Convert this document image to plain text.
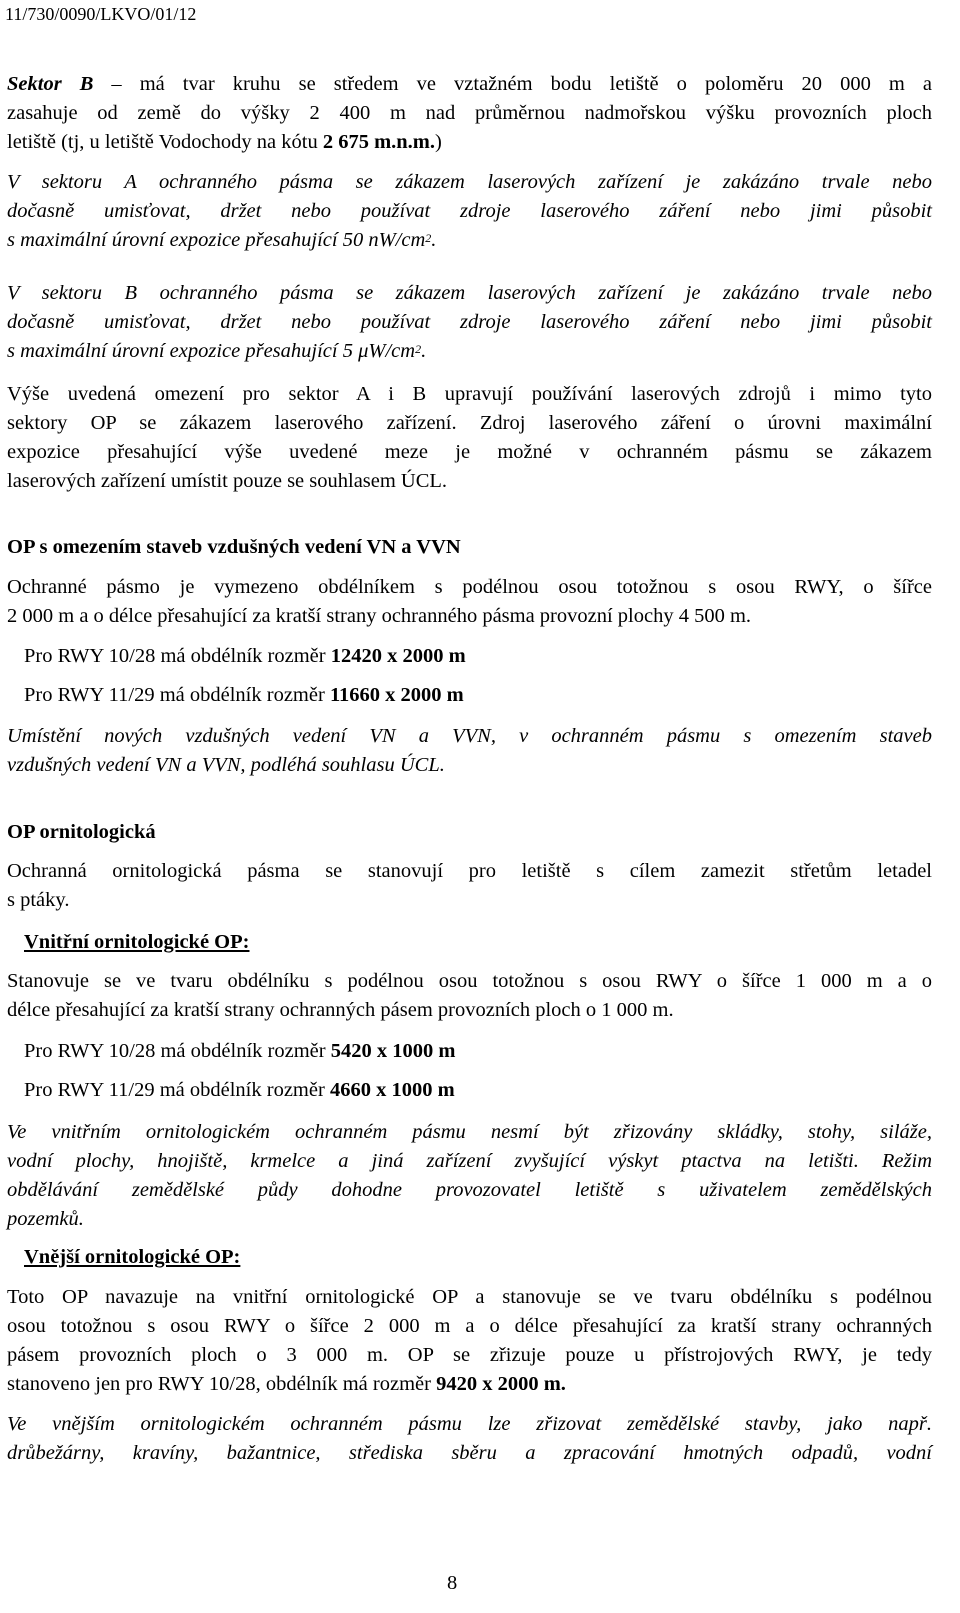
11/730/0090/LKVO/01/12
Sektor B – má tvar kruhu se středem ve vztažném bodu letiště o poloměru 20 000 m a
zasahuje od země do výšky 2 400 m nad průměrnou nadmořskou výšku provozních ploch
letiště (tj, u letiště Vodochody na kótu 2 675 m.n.m.)
V sektoru A ochranného pásma se zákazem laserových zařízení je zakázáno trvale nebo
dočasně umisťovat, držet nebo používat zdroje laserového záření nebo jimi působit
s maximální úrovní expozice přesahující 50 $nW/cm^2$.
V sektoru B ochranného pásma se zákazem laserových zařízení je zakázáno trvale nebo
dočasně umisťovat, držet nebo používat zdroje laserového záření nebo jimi působit
s maximální úrovní expozice přesahující 5 $\mu W/cm^2$.
Výše uvedená omezení pro sektor A i B upravují používání laserových zdrojů i mimo tyto
sektory OP se zákazem laserového zařízení. Zdroj laserového záření o úrovni maximální
expozice přesahující výše uvedené meze je možné v ochranném pásmu se zákazem
laserových zařízení umístit pouze se souhlasem ÚCL.
OP s omezením staveb vzdušných vedení VN a VVN
Ochranné pásmo je vymezeno obdélníkem s podélnou osou totožnou s osou RWY, o šířce
2 000 m a o délce přesahující za kratší strany ochranného pásma provozní plochy 4 500 m.
Pro RWY 10/28 má obdélník rozměr 12420 x 2000 m
Pro RWY 11/29 má obdélník rozměr 11660 x 2000 m
Umístění nových vzdušných vedení VN a VVN, v ochranném pásmu s omezením staveb
vzdušných vedení VN a VVN, podléhá souhlasu ÚCL.
OP ornitologická
Ochranná ornitologická pásma se stanovují pro letiště s cílem zamezit střetům letadel
s ptáky.
Vnitřní ornitologické OP:
Stanovuje se ve tvaru obdélníku s podélnou osou totožnou s osou RWY o šířce 1 000 m a o
délce přesahující za kratší strany ochranných pásem provozních ploch o 1 000 m.
Pro RWY 10/28 má obdélník rozměr 5420 x 1000 m
Pro RWY 11/29 má obdélník rozměr 4660 x 1000 m
Ve vnitřním ornitologickém ochranném pásmu nesmí být zřizovány skládky, stohy, siláže,
vodní plochy, hnojiště, krmelce a jiná zařízení zvyšující výskyt ptactva na letišti. Režim
obdělávání zemědělské půdy dohodne provozovatel letiště s uživatelem zemědělských
pozemků.
Vnější ornitologické OP:
Toto OP navazuje na vnitřní ornitologické OP a stanovuje se ve tvaru obdélníku s podélnou
osou totožnou s osou RWY o šířce 2 000 m a o délce přesahující za kratší strany ochranných
pásem provozních ploch o 3 000 m. OP se zřizuje pouze u přístrojových RWY, je tedy
stanoveno jen pro RWY 10/28, obdélník má rozměr 9420 x 2000 m.
Ve vnějším ornitologickém ochranném pásmu lze zřizovat zemědělské stavby, jako např.
drůbežárny, kravíny, bažantnice, střediska sběru a zpracování hmotných odpadů, vodní
8
